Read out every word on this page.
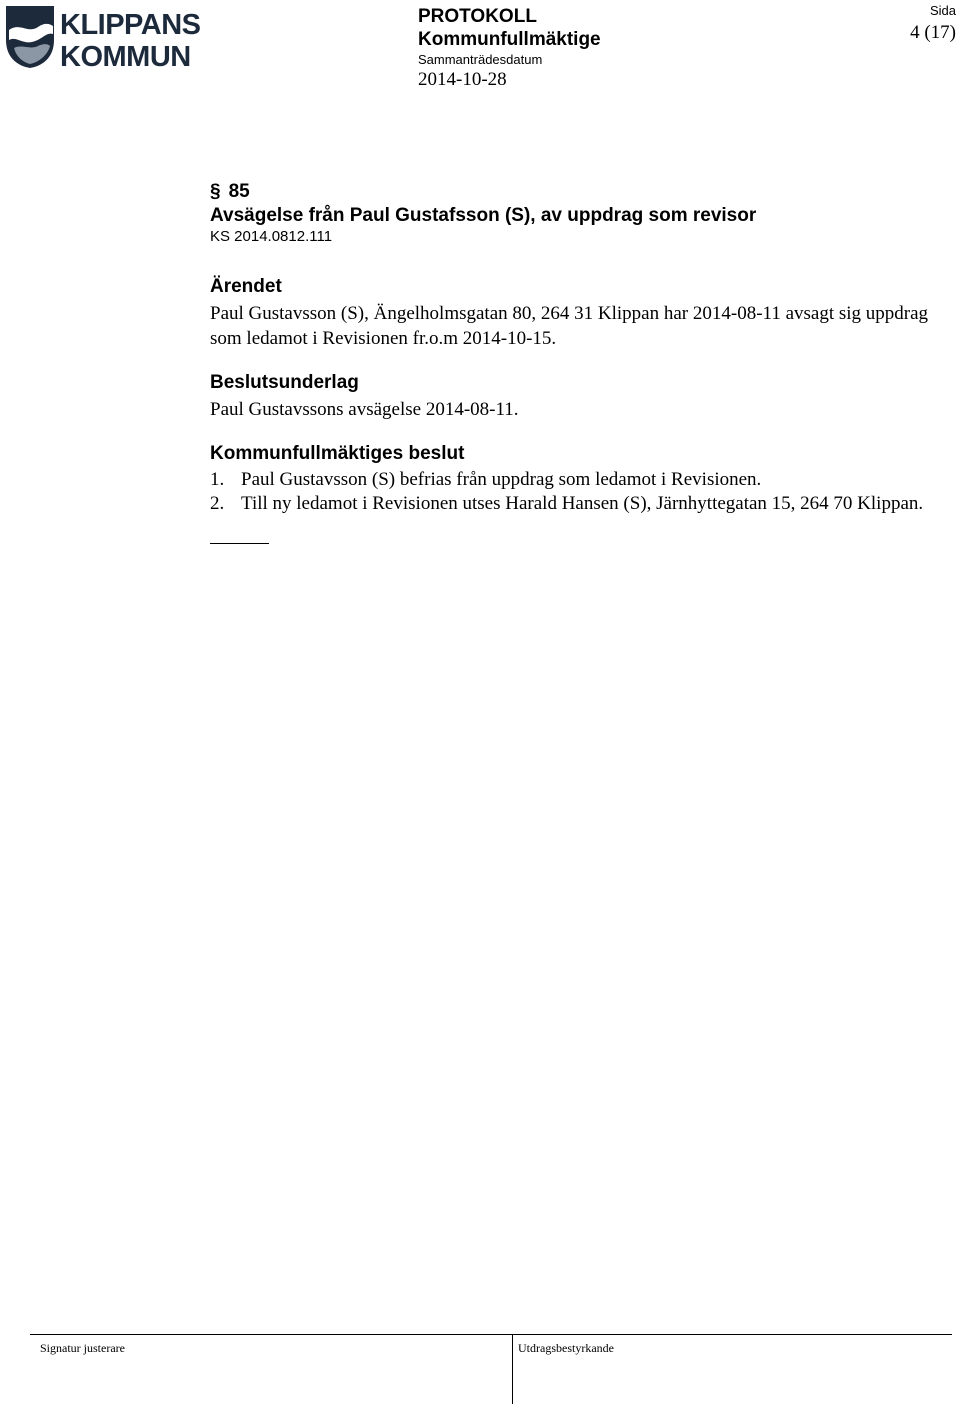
KLIPPANS
KOMMUN
PROTOKOLL
Kommunfullmäktige
Sammanträdesdatum
2014-10-28
Sida
4 (17)
§ 85
Avsägelse från Paul Gustafsson (S), av uppdrag som revisor
KS 2014.0812.111
Ärendet

Paul Gustavsson (S), Ängelholmsgatan 80, 264 31 Klippan har 2014-08-11 avsagt sig uppdrag som ledamot i Revisionen fr.o.m 2014-10-15.

Beslutsunderlag

Paul Gustavssons avsägelse 2014-08-11.

Kommunfullmäktiges beslut
1. Paul Gustavsson (S) befrias från uppdrag som ledamot i Revisionen.
2. Till ny ledamot i Revisionen utses Harald Hansen (S), Järnhyttegatan 15, 264 70 Klippan.
Signatur justerare	Utdragsbestyrkande
